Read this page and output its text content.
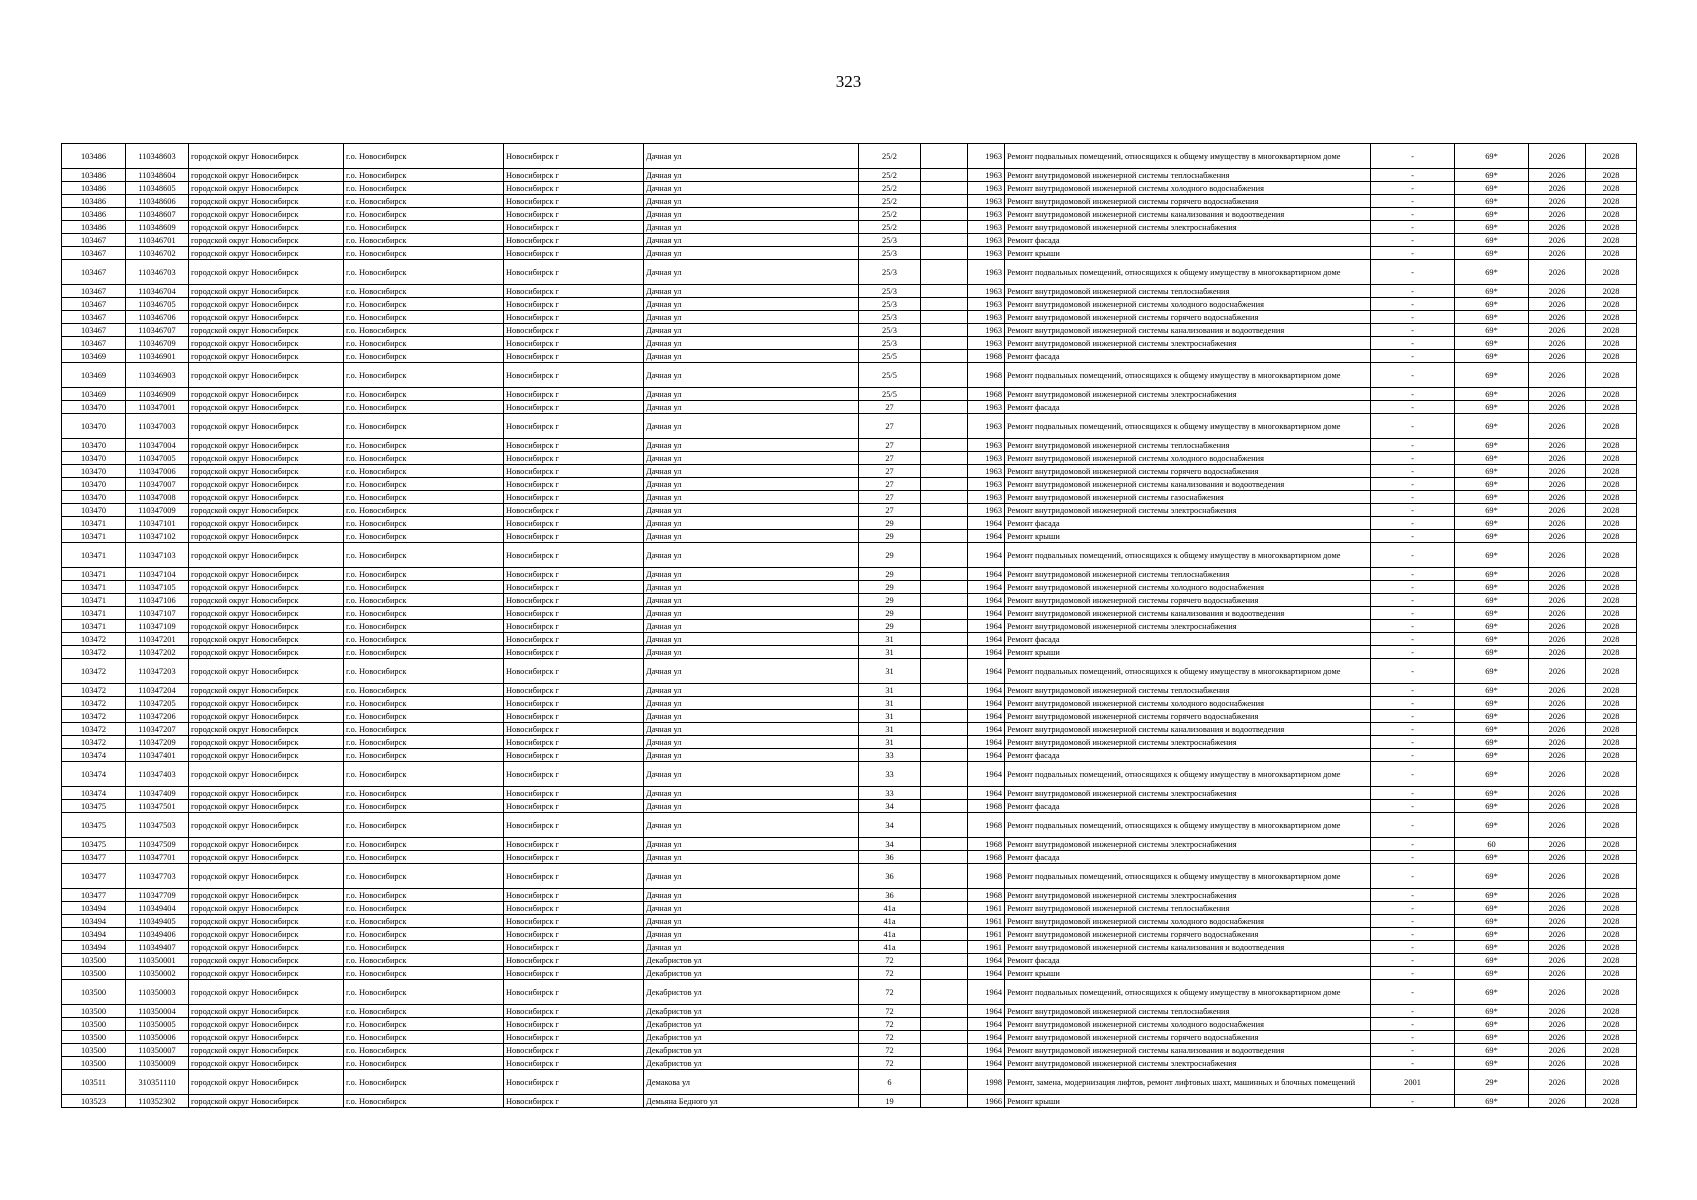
323
103486	110348603	городской округ Новосибирск	г.о. Новосибирск	Новосибирск г	Дачная ул	25/2		1963	Ремонт подвальных помещений, относящихся к общему имуществу в многоквартирном доме	-	69*	2026	2028
103486	110348604	городской округ Новосибирск	г.о. Новосибирск	Новосибирск г	Дачная ул	25/2		1963	Ремонт внутридомовой инженерной системы теплоснабжения	-	69*	2026	2028
103486	110348605	городской округ Новосибирск	г.о. Новосибирск	Новосибирск г	Дачная ул	25/2		1963	Ремонт внутридомовой инженерной системы холодного водоснабжения	-	69*	2026	2028
103486	110348606	городской округ Новосибирск	г.о. Новосибирск	Новосибирск г	Дачная ул	25/2		1963	Ремонт внутридомовой инженерной системы горячего водоснабжения	-	69*	2026	2028
103486	110348607	городской округ Новосибирск	г.о. Новосибирск	Новосибирск г	Дачная ул	25/2		1963	Ремонт внутридомовой инженерной системы канализования и водоотведения	-	69*	2026	2028
103486	110348609	городской округ Новосибирск	г.о. Новосибирск	Новосибирск г	Дачная ул	25/2		1963	Ремонт внутридомовой инженерной системы электроснабжения	-	69*	2026	2028
103467	110346701	городской округ Новосибирск	г.о. Новосибирск	Новосибирск г	Дачная ул	25/3		1963	Ремонт фасада	-	69*	2026	2028
103467	110346702	городской округ Новосибирск	г.о. Новосибирск	Новосибирск г	Дачная ул	25/3		1963	Ремонт крыши	-	69*	2026	2028
103467	110346703	городской округ Новосибирск	г.о. Новосибирск	Новосибирск г	Дачная ул	25/3		1963	Ремонт подвальных помещений, относящихся к общему имуществу в многоквартирном доме	-	69*	2026	2028
103467	110346704	городской округ Новосибирск	г.о. Новосибирск	Новосибирск г	Дачная ул	25/3		1963	Ремонт внутридомовой инженерной системы теплоснабжения	-	69*	2026	2028
103467	110346705	городской округ Новосибирск	г.о. Новосибирск	Новосибирск г	Дачная ул	25/3		1963	Ремонт внутридомовой инженерной системы холодного водоснабжения	-	69*	2026	2028
103467	110346706	городской округ Новосибирск	г.о. Новосибирск	Новосибирск г	Дачная ул	25/3		1963	Ремонт внутридомовой инженерной системы горячего водоснабжения	-	69*	2026	2028
103467	110346707	городской округ Новосибирск	г.о. Новосибирск	Новосибирск г	Дачная ул	25/3		1963	Ремонт внутридомовой инженерной системы канализования и водоотведения	-	69*	2026	2028
103467	110346709	городской округ Новосибирск	г.о. Новосибирск	Новосибирск г	Дачная ул	25/3		1963	Ремонт внутридомовой инженерной системы электроснабжения	-	69*	2026	2028
103469	110346901	городской округ Новосибирск	г.о. Новосибирск	Новосибирск г	Дачная ул	25/5		1968	Ремонт фасада	-	69*	2026	2028
103469	110346903	городской округ Новосибирск	г.о. Новосибирск	Новосибирск г	Дачная ул	25/5		1968	Ремонт подвальных помещений, относящихся к общему имуществу в многоквартирном доме	-	69*	2026	2028
103469	110346909	городской округ Новосибирск	г.о. Новосибирск	Новосибирск г	Дачная ул	25/5		1968	Ремонт внутридомовой инженерной системы электроснабжения	-	69*	2026	2028
103470	110347001	городской округ Новосибирск	г.о. Новосибирск	Новосибирск г	Дачная ул	27		1963	Ремонт фасада	-	69*	2026	2028
103470	110347003	городской округ Новосибирск	г.о. Новосибирск	Новосибирск г	Дачная ул	27		1963	Ремонт подвальных помещений, относящихся к общему имуществу в многоквартирном доме	-	69*	2026	2028
103470	110347004	городской округ Новосибирск	г.о. Новосибирск	Новосибирск г	Дачная ул	27		1963	Ремонт внутридомовой инженерной системы теплоснабжения	-	69*	2026	2028
103470	110347005	городской округ Новосибирск	г.о. Новосибирск	Новосибирск г	Дачная ул	27		1963	Ремонт внутридомовой инженерной системы холодного водоснабжения	-	69*	2026	2028
103470	110347006	городской округ Новосибирск	г.о. Новосибирск	Новосибирск г	Дачная ул	27		1963	Ремонт внутридомовой инженерной системы горячего водоснабжения	-	69*	2026	2028
103470	110347007	городской округ Новосибирск	г.о. Новосибирск	Новосибирск г	Дачная ул	27		1963	Ремонт внутридомовой инженерной системы канализования и водоотведения	-	69*	2026	2028
103470	110347008	городской округ Новосибирск	г.о. Новосибирск	Новосибирск г	Дачная ул	27		1963	Ремонт внутридомовой инженерной системы газоснабжения	-	69*	2026	2028
103470	110347009	городской округ Новосибирск	г.о. Новосибирск	Новосибирск г	Дачная ул	27		1963	Ремонт внутридомовой инженерной системы электроснабжения	-	69*	2026	2028
103471	110347101	городской округ Новосибирск	г.о. Новосибирск	Новосибирск г	Дачная ул	29		1964	Ремонт фасада	-	69*	2026	2028
103471	110347102	городской округ Новосибирск	г.о. Новосибирск	Новосибирск г	Дачная ул	29		1964	Ремонт крыши	-	69*	2026	2028
103471	110347103	городской округ Новосибирск	г.о. Новосибирск	Новосибирск г	Дачная ул	29		1964	Ремонт подвальных помещений, относящихся к общему имуществу в многоквартирном доме	-	69*	2026	2028
103471	110347104	городской округ Новосибирск	г.о. Новосибирск	Новосибирск г	Дачная ул	29		1964	Ремонт внутридомовой инженерной системы теплоснабжения	-	69*	2026	2028
103471	110347105	городской округ Новосибирск	г.о. Новосибирск	Новосибирск г	Дачная ул	29		1964	Ремонт внутридомовой инженерной системы холодного водоснабжения	-	69*	2026	2028
103471	110347106	городской округ Новосибирск	г.о. Новосибирск	Новосибирск г	Дачная ул	29		1964	Ремонт внутридомовой инженерной системы горячего водоснабжения	-	69*	2026	2028
103471	110347107	городской округ Новосибирск	г.о. Новосибирск	Новосибирск г	Дачная ул	29		1964	Ремонт внутридомовой инженерной системы канализования и водоотведения	-	69*	2026	2028
103471	110347109	городской округ Новосибирск	г.о. Новосибирск	Новосибирск г	Дачная ул	29		1964	Ремонт внутридомовой инженерной системы электроснабжения	-	69*	2026	2028
103472	110347201	городской округ Новосибирск	г.о. Новосибирск	Новосибирск г	Дачная ул	31		1964	Ремонт фасада	-	69*	2026	2028
103472	110347202	городской округ Новосибирск	г.о. Новосибирск	Новосибирск г	Дачная ул	31		1964	Ремонт крыши	-	69*	2026	2028
103472	110347203	городской округ Новосибирск	г.о. Новосибирск	Новосибирск г	Дачная ул	31		1964	Ремонт подвальных помещений, относящихся к общему имуществу в многоквартирном доме	-	69*	2026	2028
103472	110347204	городской округ Новосибирск	г.о. Новосибирск	Новосибирск г	Дачная ул	31		1964	Ремонт внутридомовой инженерной системы теплоснабжения	-	69*	2026	2028
103472	110347205	городской округ Новосибирск	г.о. Новосибирск	Новосибирск г	Дачная ул	31		1964	Ремонт внутридомовой инженерной системы холодного водоснабжения	-	69*	2026	2028
103472	110347206	городской округ Новосибирск	г.о. Новосибирск	Новосибирск г	Дачная ул	31		1964	Ремонт внутридомовой инженерной системы горячего водоснабжения	-	69*	2026	2028
103472	110347207	городской округ Новосибирск	г.о. Новосибирск	Новосибирск г	Дачная ул	31		1964	Ремонт внутридомовой инженерной системы канализования и водоотведения	-	69*	2026	2028
103472	110347209	городской округ Новосибирск	г.о. Новосибирск	Новосибирск г	Дачная ул	31		1964	Ремонт внутридомовой инженерной системы электроснабжения	-	69*	2026	2028
103474	110347401	городской округ Новосибирск	г.о. Новосибирск	Новосибирск г	Дачная ул	33		1964	Ремонт фасада	-	69*	2026	2028
103474	110347403	городской округ Новосибирск	г.о. Новосибирск	Новосибирск г	Дачная ул	33		1964	Ремонт подвальных помещений, относящихся к общему имуществу в многоквартирном доме	-	69*	2026	2028
103474	110347409	городской округ Новосибирск	г.о. Новосибирск	Новосибирск г	Дачная ул	33		1964	Ремонт внутридомовой инженерной системы электроснабжения	-	69*	2026	2028
103475	110347501	городской округ Новосибирск	г.о. Новосибирск	Новосибирск г	Дачная ул	34		1968	Ремонт фасада	-	69*	2026	2028
103475	110347503	городской округ Новосибирск	г.о. Новосибирск	Новосибирск г	Дачная ул	34		1968	Ремонт подвальных помещений, относящихся к общему имуществу в многоквартирном доме	-	69*	2026	2028
103475	110347509	городской округ Новосибирск	г.о. Новосибирск	Новосибирск г	Дачная ул	34		1968	Ремонт внутридомовой инженерной системы электроснабжения	-	60	2026	2028
103477	110347701	городской округ Новосибирск	г.о. Новосибирск	Новосибирск г	Дачная ул	36		1968	Ремонт фасада	-	69*	2026	2028
103477	110347703	городской округ Новосибирск	г.о. Новосибирск	Новосибирск г	Дачная ул	36		1968	Ремонт подвальных помещений, относящихся к общему имуществу в многоквартирном доме	-	69*	2026	2028
103477	110347709	городской округ Новосибирск	г.о. Новосибирск	Новосибирск г	Дачная ул	36		1968	Ремонт внутридомовой инженерной системы электроснабжения	-	69*	2026	2028
103494	110349404	городской округ Новосибирск	г.о. Новосибирск	Новосибирск г	Дачная ул	41а		1961	Ремонт внутридомовой инженерной системы теплоснабжения	-	69*	2026	2028
103494	110349405	городской округ Новосибирск	г.о. Новосибирск	Новосибирск г	Дачная ул	41а		1961	Ремонт внутридомовой инженерной системы холодного водоснабжения	-	69*	2026	2028
103494	110349406	городской округ Новосибирск	г.о. Новосибирск	Новосибирск г	Дачная ул	41а		1961	Ремонт внутридомовой инженерной системы горячего водоснабжения	-	69*	2026	2028
103494	110349407	городской округ Новосибирск	г.о. Новосибирск	Новосибирск г	Дачная ул	41а		1961	Ремонт внутридомовой инженерной системы канализования и водоотведения	-	69*	2026	2028
103500	110350001	городской округ Новосибирск	г.о. Новосибирск	Новосибирск г	Декабристов ул	72		1964	Ремонт фасада	-	69*	2026	2028
103500	110350002	городской округ Новосибирск	г.о. Новосибирск	Новосибирск г	Декабристов ул	72		1964	Ремонт крыши	-	69*	2026	2028
103500	110350003	городской округ Новосибирск	г.о. Новосибирск	Новосибирск г	Декабристов ул	72		1964	Ремонт подвальных помещений, относящихся к общему имуществу в многоквартирном доме	-	69*	2026	2028
103500	110350004	городской округ Новосибирск	г.о. Новосибирск	Новосибирск г	Декабристов ул	72		1964	Ремонт внутридомовой инженерной системы теплоснабжения	-	69*	2026	2028
103500	110350005	городской округ Новосибирск	г.о. Новосибирск	Новосибирск г	Декабристов ул	72		1964	Ремонт внутридомовой инженерной системы холодного водоснабжения	-	69*	2026	2028
103500	110350006	городской округ Новосибирск	г.о. Новосибирск	Новосибирск г	Декабристов ул	72		1964	Ремонт внутридомовой инженерной системы горячего водоснабжения	-	69*	2026	2028
103500	110350007	городской округ Новосибирск	г.о. Новосибирск	Новосибирск г	Декабристов ул	72		1964	Ремонт внутридомовой инженерной системы канализования и водоотведения	-	69*	2026	2028
103500	110350009	городской округ Новосибирск	г.о. Новосибирск	Новосибирск г	Декабристов ул	72		1964	Ремонт внутридомовой инженерной системы электроснабжения	-	69*	2026	2028
103511	310351110	городской округ Новосибирск	г.о. Новосибирск	Новосибирск г	Демакова ул	6		1998	Ремонт, замена, модернизация лифтов, ремонт лифтовых шахт, машинных и блочных помещений	2001	29*	2026	2028
103523	110352302	городской округ Новосибирск	г.о. Новосибирск	Новосибирск г	Демьяна Бедного ул	19		1966	Ремонт крыши	-	69*	2026	2028
